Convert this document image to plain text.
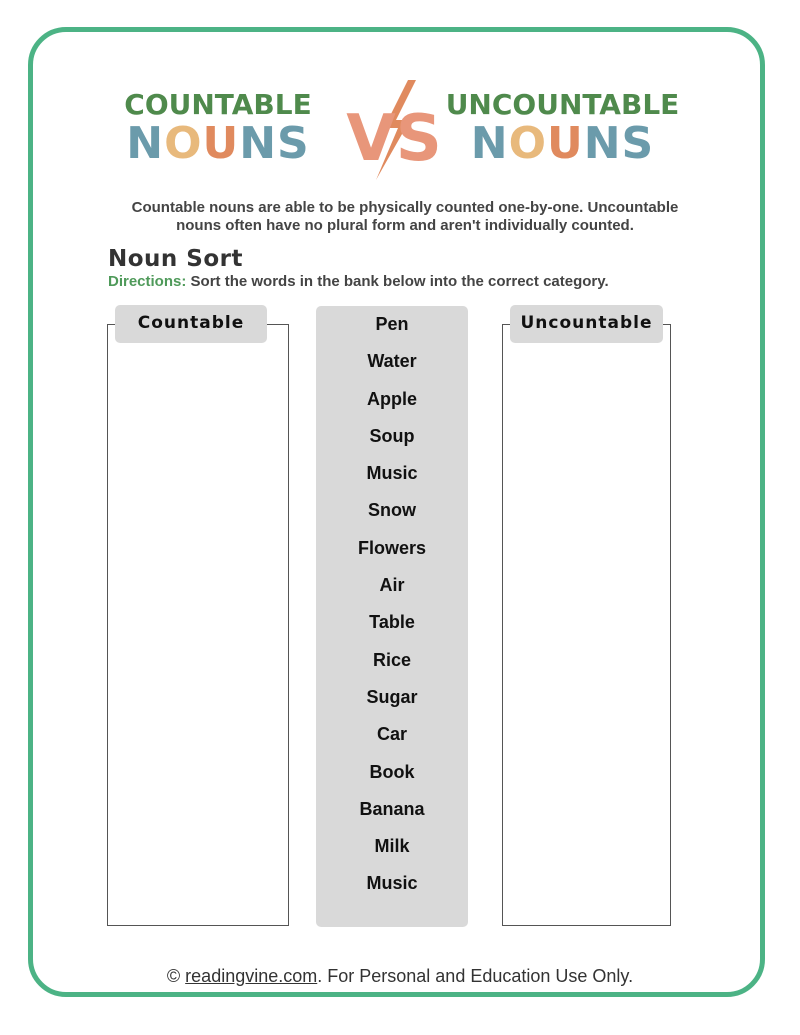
COUNTABLE
NOUNS VS UNCOUNTABLE
NOUNS
Countable nouns are able to be physically counted one-by-one. Uncountable
nouns often have no plural form and aren't individually counted.
Noun Sort
Directions: Sort the words in the bank below into the correct category.
Countable	Pen
Water
Apple
Soup
Music
Snow
Flowers
Air
Table
Rice
Sugar
Car
Book
Banana
Milk
Music
Uncountable
© readingvine.com. For Personal and Education Use Only.
